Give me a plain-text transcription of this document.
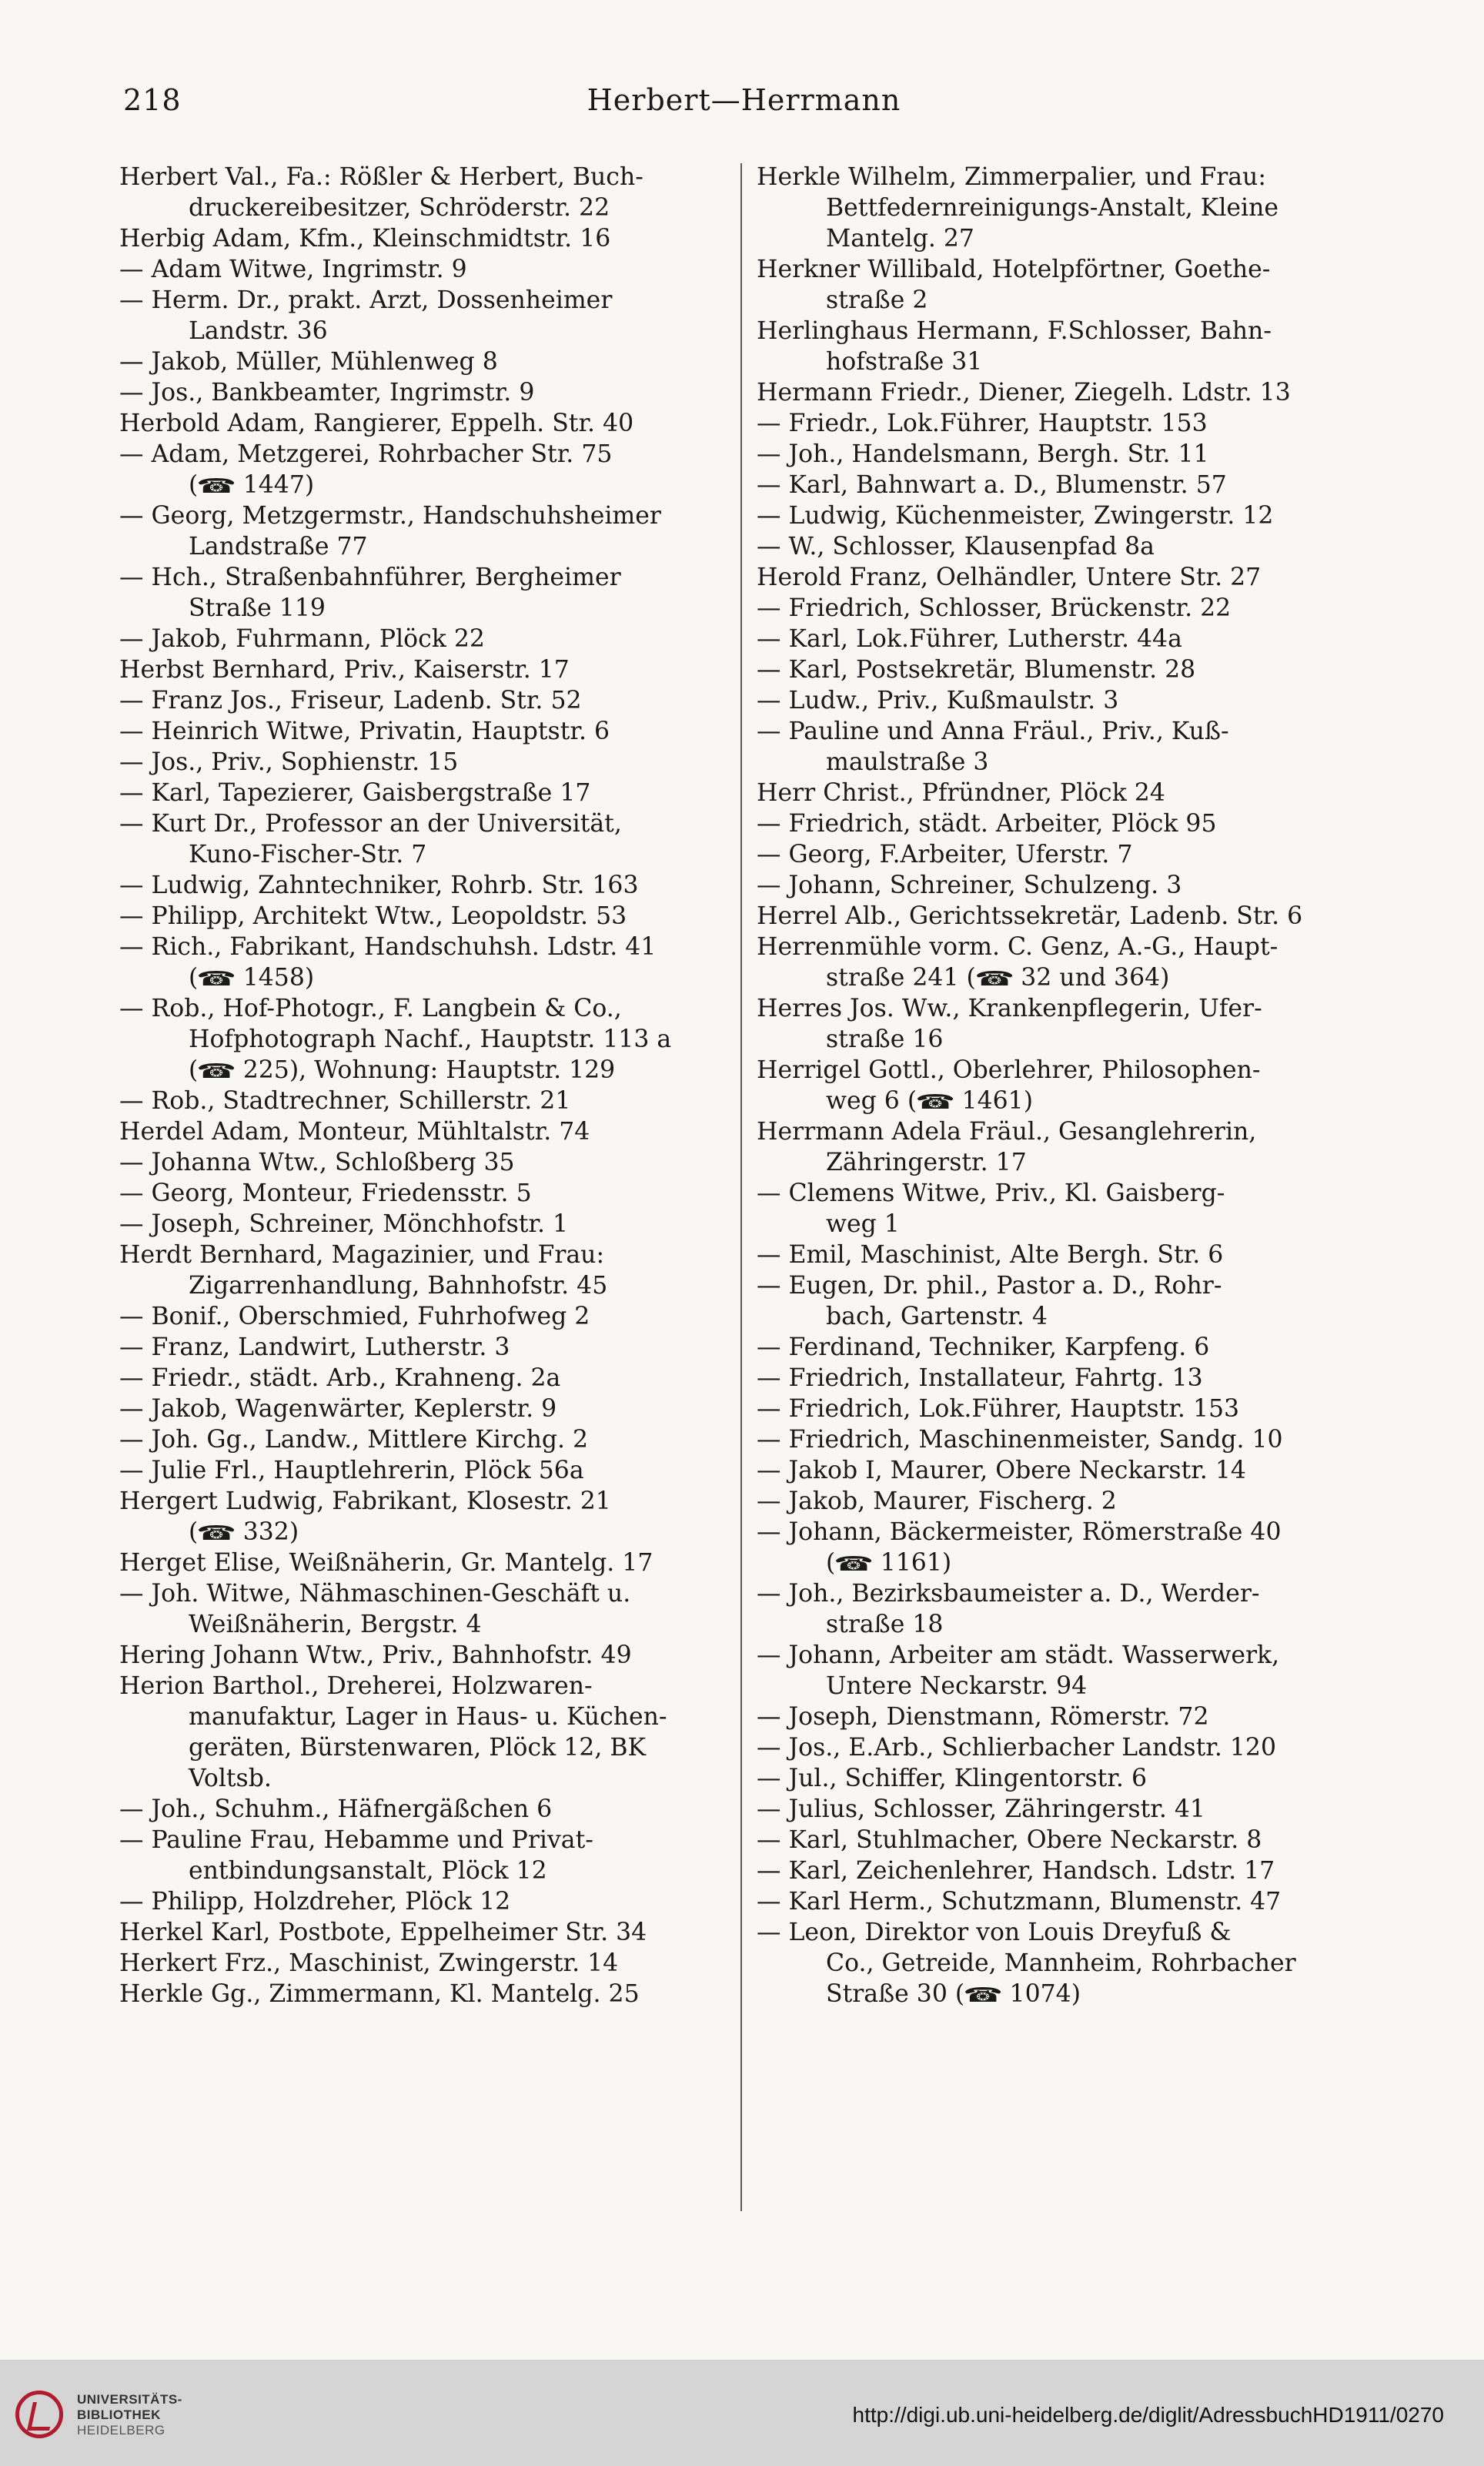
218	Herbert—Herrmann
Herbert Val., Fa.: Rößler & Herbert, Buch-
druckereibesitzer, Schröderstr. 22
Herbig Adam, Kfm., Kleinschmidtstr. 16
— Adam Witwe, Ingrimstr. 9
— Herm. Dr., prakt. Arzt, Dossenheimer
Landstr. 36
— Jakob, Müller, Mühlenweg 8
— Jos., Bankbeamter, Ingrimstr. 9
Herbold Adam, Rangierer, Eppelh. Str. 40
— Adam, Metzgerei, Rohrbacher Str. 75
(☎ 1447)
— Georg, Metzgermstr., Handschuhsheimer
Landstraße 77
— Hch., Straßenbahnführer, Bergheimer
Straße 119
— Jakob, Fuhrmann, Plöck 22
Herbst Bernhard, Priv., Kaiserstr. 17
— Franz Jos., Friseur, Ladenb. Str. 52
— Heinrich Witwe, Privatin, Hauptstr. 6
— Jos., Priv., Sophienstr. 15
— Karl, Tapezierer, Gaisbergstraße 17
— Kurt Dr., Professor an der Universität,
Kuno-Fischer-Str. 7
— Ludwig, Zahntechniker, Rohrb. Str. 163
— Philipp, Architekt Wtw., Leopoldstr. 53
— Rich., Fabrikant, Handschuhsh. Ldstr. 41
(☎ 1458)
— Rob., Hof-Photogr., F. Langbein & Co.,
Hofphotograph Nachf., Hauptstr. 113 a
(☎ 225), Wohnung: Hauptstr. 129
— Rob., Stadtrechner, Schillerstr. 21
Herdel Adam, Monteur, Mühltalstr. 74
— Johanna Wtw., Schloßberg 35
— Georg, Monteur, Friedensstr. 5
— Joseph, Schreiner, Mönchhofstr. 1
Herdt Bernhard, Magazinier, und Frau:
Zigarrenhandlung, Bahnhofstr. 45
— Bonif., Oberschmied, Fuhrhofweg 2
— Franz, Landwirt, Lutherstr. 3
— Friedr., städt. Arb., Krahneng. 2a
— Jakob, Wagenwärter, Keplerstr. 9
— Joh. Gg., Landw., Mittlere Kirchg. 2
— Julie Frl., Hauptlehrerin, Plöck 56a
Hergert Ludwig, Fabrikant, Klosestr. 21
(☎ 332)
Herget Elise, Weißnäherin, Gr. Mantelg. 17
— Joh. Witwe, Nähmaschinen-Geschäft u.
Weißnäherin, Bergstr. 4
Hering Johann Wtw., Priv., Bahnhofstr. 49
Herion Barthol., Dreherei, Holzwaren-
manufaktur, Lager in Haus- u. Küchen-
geräten, Bürstenwaren, Plöck 12, BK
Voltsb.
— Joh., Schuhm., Häfnergäßchen 6
— Pauline Frau, Hebamme und Privat-
entbindungsanstalt, Plöck 12
— Philipp, Holzdreher, Plöck 12
Herkel Karl, Postbote, Eppelheimer Str. 34
Herkert Frz., Maschinist, Zwingerstr. 14
Herkle Gg., Zimmermann, Kl. Mantelg. 25
Herkle Wilhelm, Zimmerpalier, und Frau:
Bettfedernreinigungs-Anstalt, Kleine
Mantelg. 27
Herkner Willibald, Hotelpförtner, Goethe-
straße 2
Herlinghaus Hermann, F.Schlosser, Bahn-
hofstraße 31
Hermann Friedr., Diener, Ziegelh. Ldstr. 13
— Friedr., Lok.Führer, Hauptstr. 153
— Joh., Handelsmann, Bergh. Str. 11
— Karl, Bahnwart a. D., Blumenstr. 57
— Ludwig, Küchenmeister, Zwingerstr. 12
— W., Schlosser, Klausenpfad 8a
Herold Franz, Oelhändler, Untere Str. 27
— Friedrich, Schlosser, Brückenstr. 22
— Karl, Lok.Führer, Lutherstr. 44a
— Karl, Postsekretär, Blumenstr. 28
— Ludw., Priv., Kußmaulstr. 3
— Pauline und Anna Fräul., Priv., Kuß-
maulstraße 3
Herr Christ., Pfründner, Plöck 24
— Friedrich, städt. Arbeiter, Plöck 95
— Georg, F.Arbeiter, Uferstr. 7
— Johann, Schreiner, Schulzeng. 3
Herrel Alb., Gerichtssekretär, Ladenb. Str. 6
Herrenmühle vorm. C. Genz, A.-G., Haupt-
straße 241 (☎ 32 und 364)
Herres Jos. Ww., Krankenpflegerin, Ufer-
straße 16
Herrigel Gottl., Oberlehrer, Philosophen-
weg 6 (☎ 1461)
Herrmann Adela Fräul., Gesanglehrerin,
Zähringerstr. 17
— Clemens Witwe, Priv., Kl. Gaisberg-
weg 1
— Emil, Maschinist, Alte Bergh. Str. 6
— Eugen, Dr. phil., Pastor a. D., Rohr-
bach, Gartenstr. 4
— Ferdinand, Techniker, Karpfeng. 6
— Friedrich, Installateur, Fahrtg. 13
— Friedrich, Lok.Führer, Hauptstr. 153
— Friedrich, Maschinenmeister, Sandg. 10
— Jakob I, Maurer, Obere Neckarstr. 14
— Jakob, Maurer, Fischerg. 2
— Johann, Bäckermeister, Römerstraße 40
(☎ 1161)
— Joh., Bezirksbaumeister a. D., Werder-
straße 18
— Johann, Arbeiter am städt. Wasserwerk,
Untere Neckarstr. 94
— Joseph, Dienstmann, Römerstr. 72
— Jos., E.Arb., Schlierbacher Landstr. 120
— Jul., Schiffer, Klingentorstr. 6
— Julius, Schlosser, Zähringerstr. 41
— Karl, Stuhlmacher, Obere Neckarstr. 8
— Karl, Zeichenlehrer, Handsch. Ldstr. 17
— Karl Herm., Schutzmann, Blumenstr. 47
— Leon, Direktor von Louis Dreyfuß &
Co., Getreide, Mannheim, Rohrbacher
Straße 30 (☎ 1074)
UNIVERSITÄTS-
BIBLIOTHEK
HEIDELBERG
http://digi.ub.uni-heidelberg.de/diglit/AdressbuchHD1911/0270
